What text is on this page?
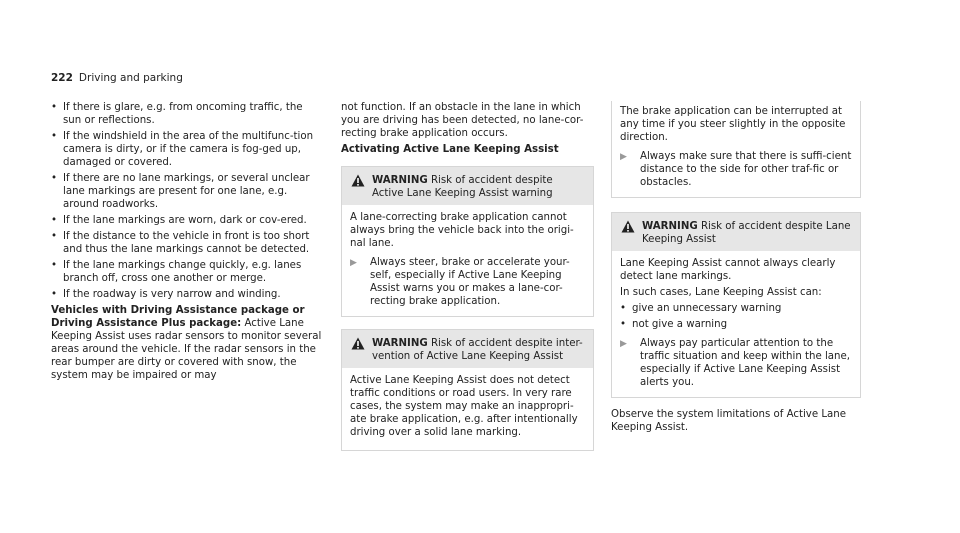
222 Driving and parking
• If there is glare, e.g. from oncoming traffic, the sun or reflections.
• If the windshield in the area of the multifunc-tion camera is dirty, or if the camera is fog-ged up, damaged or covered.
• If there are no lane markings, or several unclear lane markings are present for one lane, e.g. around roadworks.
• If the lane markings are worn, dark or cov-ered.
• If the distance to the vehicle in front is too short and thus the lane markings cannot be detected.
• If the lane markings change quickly, e.g. lanes branch off, cross one another or merge.
• If the roadway is very narrow and winding.

Vehicles with Driving Assistance package or Driving Assistance Plus package: Active Lane Keeping Assist uses radar sensors to monitor several areas around the vehicle. If the radar sensors in the rear bumper are dirty or covered with snow, the system may be impaired or may

not function. If an obstacle in the lane in which you are driving has been detected, no lane-cor-recting brake application occurs.

Activating Active Lane Keeping Assist

WARNING Risk of accident despite Active Lane Keeping Assist warning

A lane-correcting brake application cannot always bring the vehicle back into the origi-nal lane.

▶	Always steer, brake or accelerate your-self, especially if Active Lane Keeping Assist warns you or makes a lane-cor-recting brake application.
WARNING Risk of accident despite inter-vention of Active Lane Keeping Assist

Active Lane Keeping Assist does not detect traffic conditions or road users. In very rare cases, the system may make an inappropri-ate brake application, e.g. after intentionally driving over a solid lane marking.

The brake application can be interrupted at any time if you steer slightly in the opposite direction.

▶	Always make sure that there is suffi-cient distance to the side for other traf-fic or obstacles.
WARNING Risk of accident despite Lane Keeping Assist

Lane Keeping Assist cannot always clearly detect lane markings.

In such cases, Lane Keeping Assist can:

• give an unnecessary warning
• not give a warning
▶	Always pay particular attention to the traffic situation and keep within the lane, especially if Active Lane Keeping Assist alerts you.

Observe the system limitations of Active Lane Keeping Assist.
